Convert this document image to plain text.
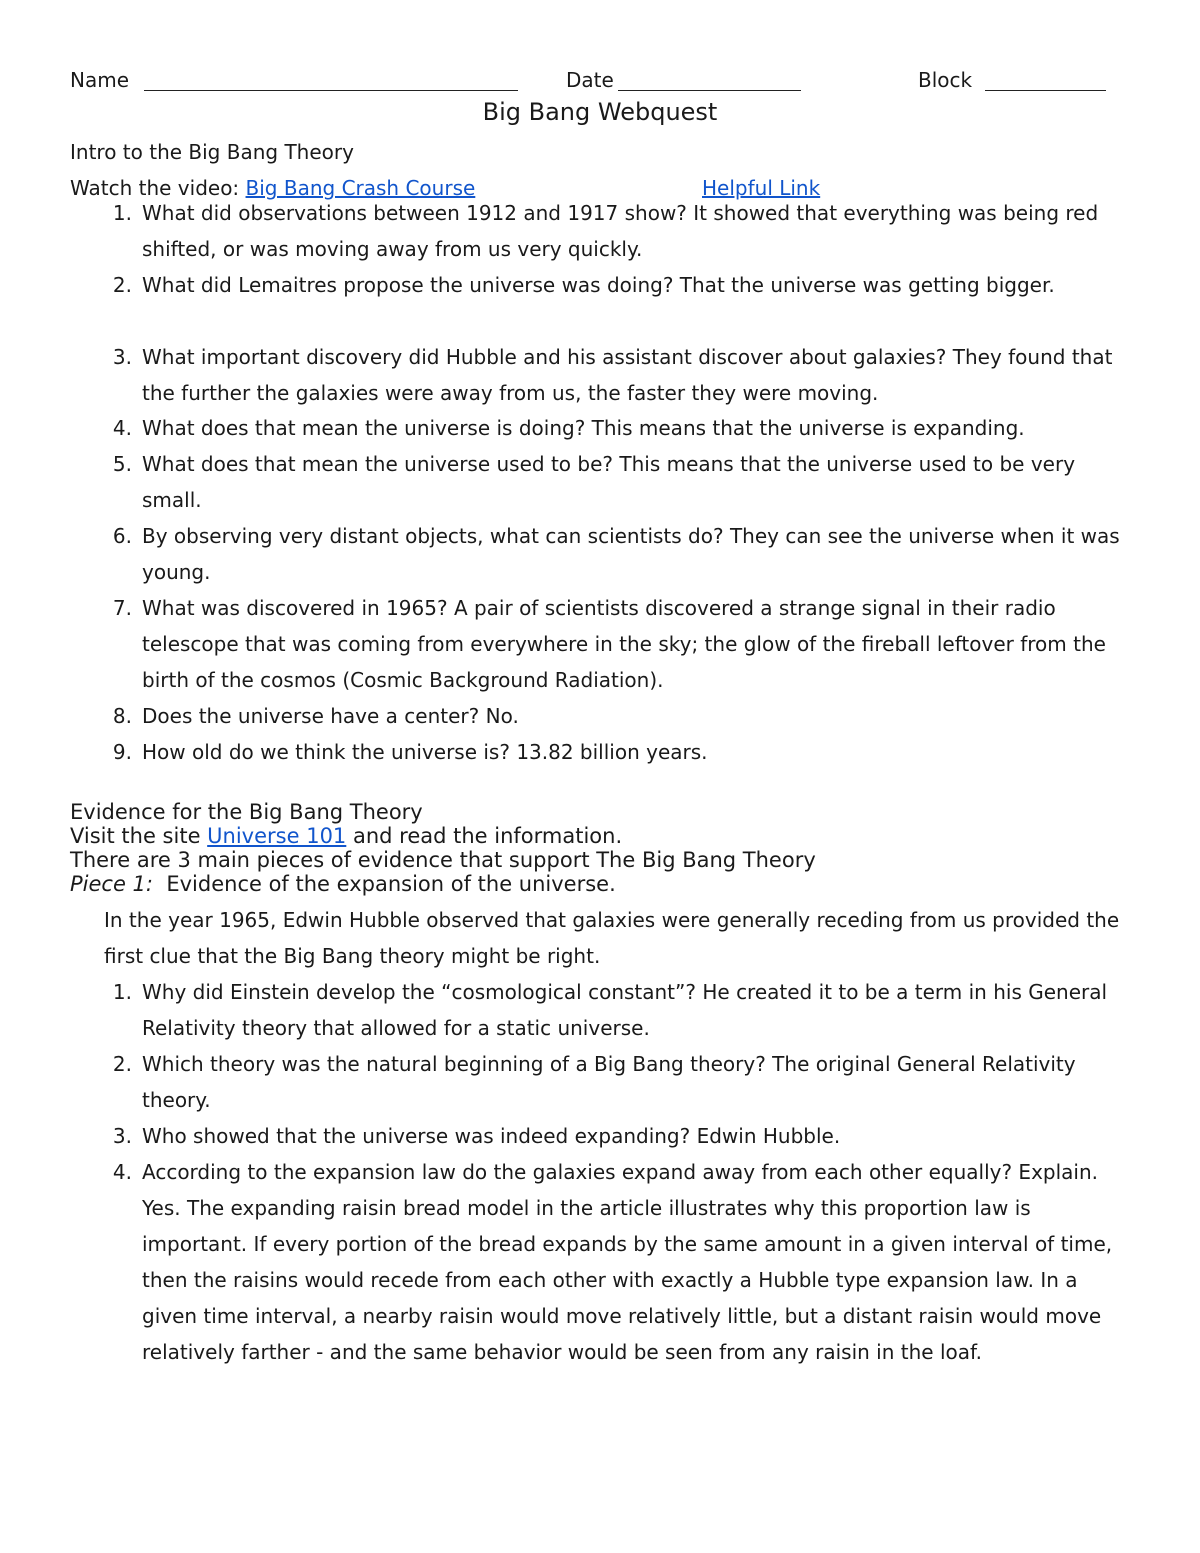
Name	Date	Block
Big Bang Webquest
Intro to the Big Bang Theory
Watch the video: Big Bang Crash Course	Helpful Link
1. What did observations between 1912 and 1917 show? It showed that everything was being red shifted, or was moving away from us very quickly.
2. What did Lemaitres propose the universe was doing? That the universe was getting bigger.
3. What important discovery did Hubble and his assistant discover about galaxies? They found that the further the galaxies were away from us, the faster they were moving.
4. What does that mean the universe is doing? This means that the universe is expanding.
5. What does that mean the universe used to be? This means that the universe used to be very small.
6. By observing very distant objects, what can scientists do? They can see the universe when it was young.
7. What was discovered in 1965? A pair of scientists discovered a strange signal in their radio telescope that was coming from everywhere in the sky; the glow of the fireball leftover from the birth of the cosmos (Cosmic Background Radiation).
8. Does the universe have a center? No.
9. How old do we think the universe is? 13.82 billion years.
Evidence for the Big Bang Theory
Visit the site Universe 101 and read the information.
There are 3 main pieces of evidence that support The Big Bang Theory
Piece 1:  Evidence of the expansion of the universe.
In the year 1965, Edwin Hubble observed that galaxies were generally receding from us provided the first clue that the Big Bang theory might be right.
1. Why did Einstein develop the “cosmological constant”? He created it to be a term in his General Relativity theory that allowed for a static universe.
2. Which theory was the natural beginning of a Big Bang theory? The original General Relativity theory.
3. Who showed that the universe was indeed expanding? Edwin Hubble.
4. According to the expansion law do the galaxies expand away from each other equally? Explain. Yes. The expanding raisin bread model in the article illustrates why this proportion law is important. If every portion of the bread expands by the same amount in a given interval of time, then the raisins would recede from each other with exactly a Hubble type expansion law. In a given time interval, a nearby raisin would move relatively little, but a distant raisin would move relatively farther - and the same behavior would be seen from any raisin in the loaf.
